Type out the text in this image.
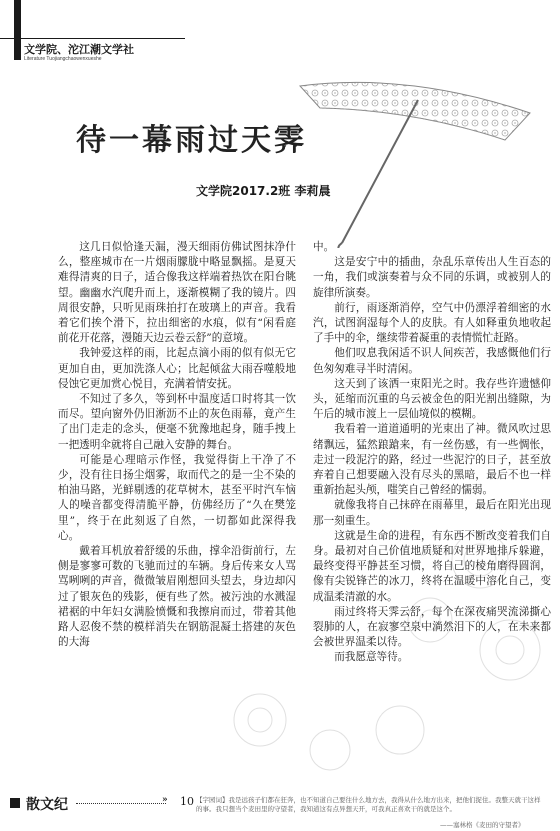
文学院、沱江潮文学社
Literature Tuojiangchaowenxueshe
待一幕雨过天霁
文学院2017.2班 李莉晨

这几日似恰逢天漏，漫天细雨仿佛试图抹净什么，整座城市在一片烟雨朦胧中略显飘摇。是夏天难得清爽的日子，适合像我这样端着热饮在阳台眺望。幽幽水汽爬升而上，逐渐模糊了我的镜片。四周很安静，只听见雨珠拍打在玻璃上的声音。我看着它们挨个滑下，拉出细密的水痕，似有“闲看庭前花开花落，漫随天边云卷云舒”的意境。

我钟爱这样的雨，比起点滴小雨的似有似无它更加自由，更加洗涤人心；比起倾盆大雨吞噬般地侵蚀它更加赏心悦目，充满着情安抚。

不知过了多久，等到杯中温度适口时将其一饮而尽。望向窗外仍旧淅沥不止的灰色雨幕，竟产生了出门走走的念头，便毫不犹豫地起身，随手拽上一把透明伞就将自己融入安静的舞台。

可能是心理暗示作怪，我觉得街上干净了不少，没有往日扬尘烟雾，取而代之的是一尘不染的柏油马路，光鲜剔透的花草树木，甚至平时汽车恼人的噪音都变得清脆平静，仿佛经历了“久在樊笼里”，终于在此刻返了自然，一切都如此深得我心。

戴着耳机放着舒缓的乐曲，撑伞沿街前行，左侧是寥寥可数的飞驰而过的车辆。身后传来女人骂骂咧咧的声音，微微皱眉刚想回头望去，身边却闪过了银灰色的残影，便有些了然。被污浊的水溅湿裙裾的中年妇女满脸愤慨和我擦肩而过，带着其他路人忍俊不禁的模样消失在钢筋混凝土搭建的灰色的大海

中。

这是安宁中的插曲，杂乱乐章传出人生百态的一角，我们或演奏着与众不同的乐调，或被别人的旋律所演奏。

前行，雨逐渐消停，空气中仍漂浮着细密的水汽，试图润湿每个人的皮肤。有人如释重负地收起了手中的伞，继续带着凝重的表情慌忙赶路。

他们叹息我闲适不识人间疾苦，我感慨他们行色匆匆难寻半时清闲。

这天到了该洒一束阳光之时。我存些许遗憾仰头，延缩而沉重的乌云被金色的阳光割出缝隙，为午后的城市渡上一层仙境似的模糊。

我看着一道道通明的光束出了神。微风吹过思绪飘远，猛然踉蹌来，有一丝伤感，有一些惆怅，走过一段泥泞的路，经过一些泥泞的日子，甚至放弃着自己想要融入没有尽头的黑暗，最后不也一样重新抬起头颅，嗤笑自己曾经的懦弱。

就像我将自己抹碎在雨幕里，最后在阳光出现那一刻重生。

这就是生命的进程，有东西不断改变着我们自身。最初对自己价值地质疑和对世界地排斥躲避，最终变得平静甚至习惯，将自己的棱角磨得圆润，像有尖锐锋芒的冰刀，终将在温暖中溶化自己，变成温柔清澈的水。

雨过终将天霁云舒，每个在深夜痛哭流涕撕心裂肺的人，在寂寥空泉中淌然泪下的人，在未来都会被世界温柔以待。

而我愿意等待。

散文纪	» 10 【字园词】我是远孩子们都在狂奔，也不知道自己要往什么地方去，我得从什么地方出来，把他们捉住。我整天就干这样的事。我只想当个麦田里的守望者，我知道这有点异想天开，可我真正喜欢干的就是这个。
——塞林格《麦田的守望者》
